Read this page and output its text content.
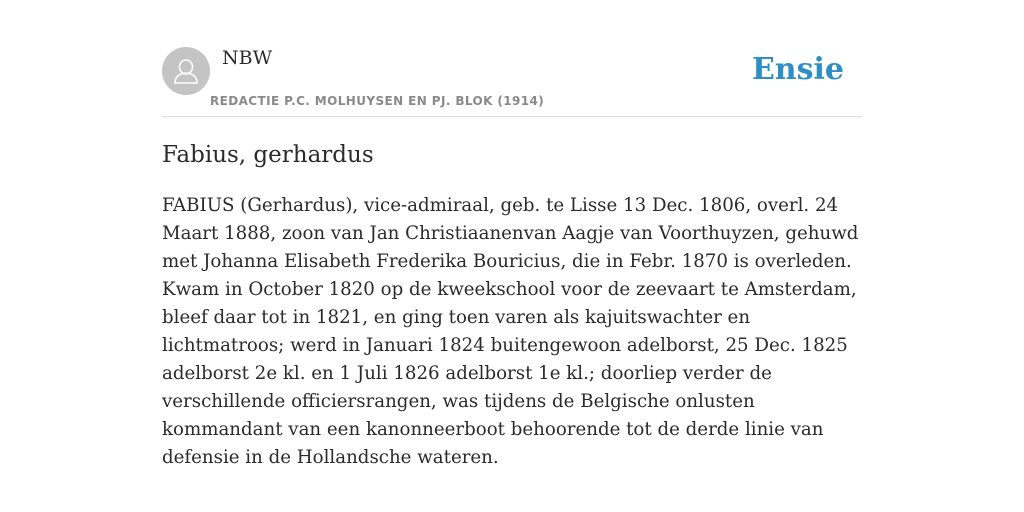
NBW
REDACTIE P.C. MOLHUYSEN EN PJ. BLOK (1914)
Ensie
Fabius, gerhardus

FABIUS (Gerhardus), vice-admiraal, geb. te Lisse 13 Dec. 1806, overl. 24 Maart 1888, zoon van Jan Christiaanenvan Aagje van Voorthuyzen, gehuwd met Johanna Elisabeth Frederika Bouricius, die in Febr. 1870 is overleden. Kwam in October 1820 op de kweekschool voor de zeevaart te Amsterdam, bleef daar tot in 1821, en ging toen varen als kajuitswachter en lichtmatroos; werd in Januari 1824 buitengewoon adelborst, 25 Dec. 1825 adelborst 2e kl. en 1 Juli 1826 adelborst 1e kl.; doorliep verder de verschillende officiersrangen, was tijdens de Belgische onlusten kommandant van een kanonneerboot behoorende tot de derde linie van defensie in de Hollandsche wateren.
